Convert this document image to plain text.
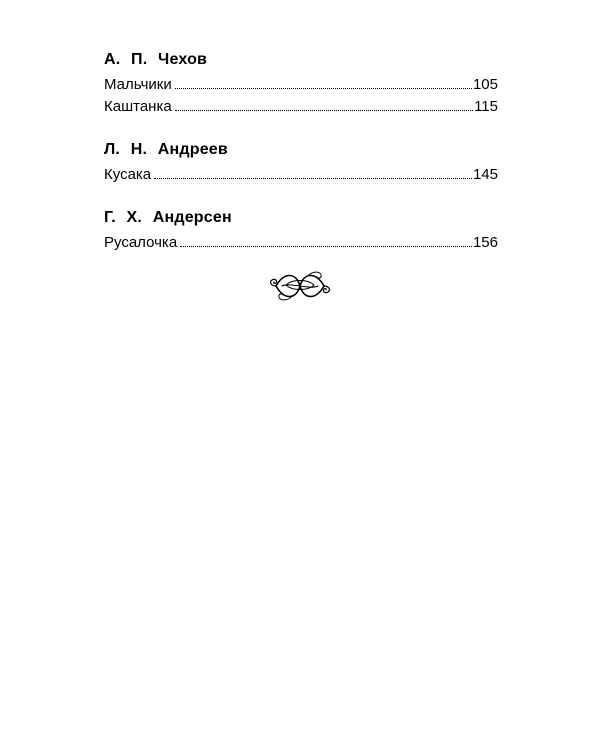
А. П. Чехов
Мальчики	105
Каштанка	115
Л. Н. Андреев
Кусака	145
Г. Х. Андерсен
Русалочка	156
